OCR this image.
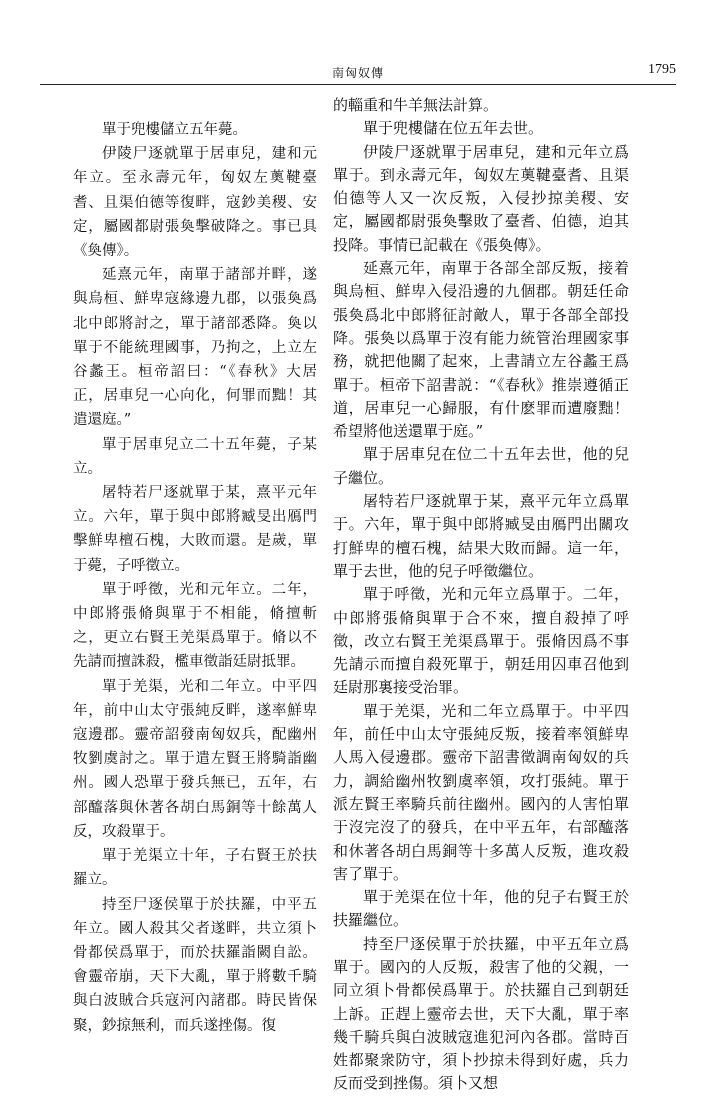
南匈奴傳	1795

單于兜樓儲立五年薨。

伊陵尸逐就單于居車兒，建和元年立。至永壽元年，匈奴左薁鞬臺耆、且渠伯德等復畔，寇鈔美稷、安定，屬國都尉張奐擊破降之。事已具《奐傳》。

延熹元年，南單于諸部并畔，遂與烏桓、鮮卑寇緣邊九郡，以張奐爲北中郎將討之，單于諸部悉降。奐以單于不能統理國事，乃拘之，上立左谷蠡王。桓帝詔曰：“《春秋》大居正，居車兒一心向化，何罪而黜！其遣還庭。”

單于居車兒立二十五年薨，子某立。

屠特若尸逐就單于某，熹平元年立。六年，單于與中郎將臧旻出鴈門擊鮮卑檀石槐，大敗而還。是歲，單于薨，子呼徵立。

單于呼徵，光和元年立。二年，中郎將張脩與單于不相能，脩擅斬之，更立右賢王羌渠爲單于。脩以不先請而擅誅殺，檻車徵詣廷尉抵罪。

單于羌渠，光和二年立。中平四年，前中山太守張純反畔，遂率鮮卑寇邊郡。靈帝詔發南匈奴兵，配幽州牧劉虞討之。單于遣左賢王將騎詣幽州。國人恐單于發兵無已，五年，右部醯落與休著各胡白馬銅等十餘萬人反，攻殺單于。

單于羌渠立十年，子右賢王於扶羅立。

持至尸逐侯單于於扶羅，中平五年立。國人殺其父者遂畔，共立須卜骨都侯爲單于，而於扶羅詣闕自訟。會靈帝崩，天下大亂，單于將數千騎與白波賊合兵寇河內諸郡。時民皆保聚，鈔掠無利，而兵遂挫傷。復

的輜重和牛羊無法計算。

單于兜樓儲在位五年去世。

伊陵尸逐就單于居車兒，建和元年立爲單于。到永壽元年，匈奴左薁鞬臺耆、且渠伯德等人又一次反叛，入侵抄掠美稷、安定，屬國都尉張奐擊敗了臺耆、伯德，迫其投降。事情已記載在《張奐傳》。

延熹元年，南單于各部全部反叛，接着與烏桓、鮮卑入侵沿邊的九個郡。朝廷任命張奐爲北中郎將征討敵人，單于各部全部投降。張奐以爲單于沒有能力統管治理國家事務，就把他關了起來，上書請立左谷蠡王爲單于。桓帝下詔書説：“《春秋》推崇遵循正道，居車兒一心歸服，有什麽罪而遭廢黜！希望將他送還單于庭。”

單于居車兒在位二十五年去世，他的兒子繼位。

屠特若尸逐就單于某，熹平元年立爲單于。六年，單于與中郎將臧旻由鴈門出關攻打鮮卑的檀石槐，結果大敗而歸。這一年，單于去世，他的兒子呼徵繼位。

單于呼徵，光和元年立爲單于。二年，中郎將張脩與單于合不來，擅自殺掉了呼徵，改立右賢王羌渠爲單于。張脩因爲不事先請示而擅自殺死單于，朝廷用囚車召他到廷尉那裏接受治罪。

單于羌渠，光和二年立爲單于。中平四年，前任中山太守張純反叛，接着率領鮮卑人馬入侵邊郡。靈帝下詔書徵調南匈奴的兵力，調給幽州牧劉虞率領，攻打張純。單于派左賢王率騎兵前往幽州。國內的人害怕單于沒完沒了的發兵，在中平五年，右部醯落和休著各胡白馬銅等十多萬人反叛，進攻殺害了單于。

單于羌渠在位十年，他的兒子右賢王於扶羅繼位。

持至尸逐侯單于於扶羅，中平五年立爲單于。國內的人反叛，殺害了他的父親，一同立須卜骨都侯爲單于。於扶羅自己到朝廷上訴。正趕上靈帝去世，天下大亂，單于率幾千騎兵與白波賊寇進犯河內各郡。當時百姓都聚衆防守，須卜抄掠未得到好處，兵力反而受到挫傷。須卜又想
